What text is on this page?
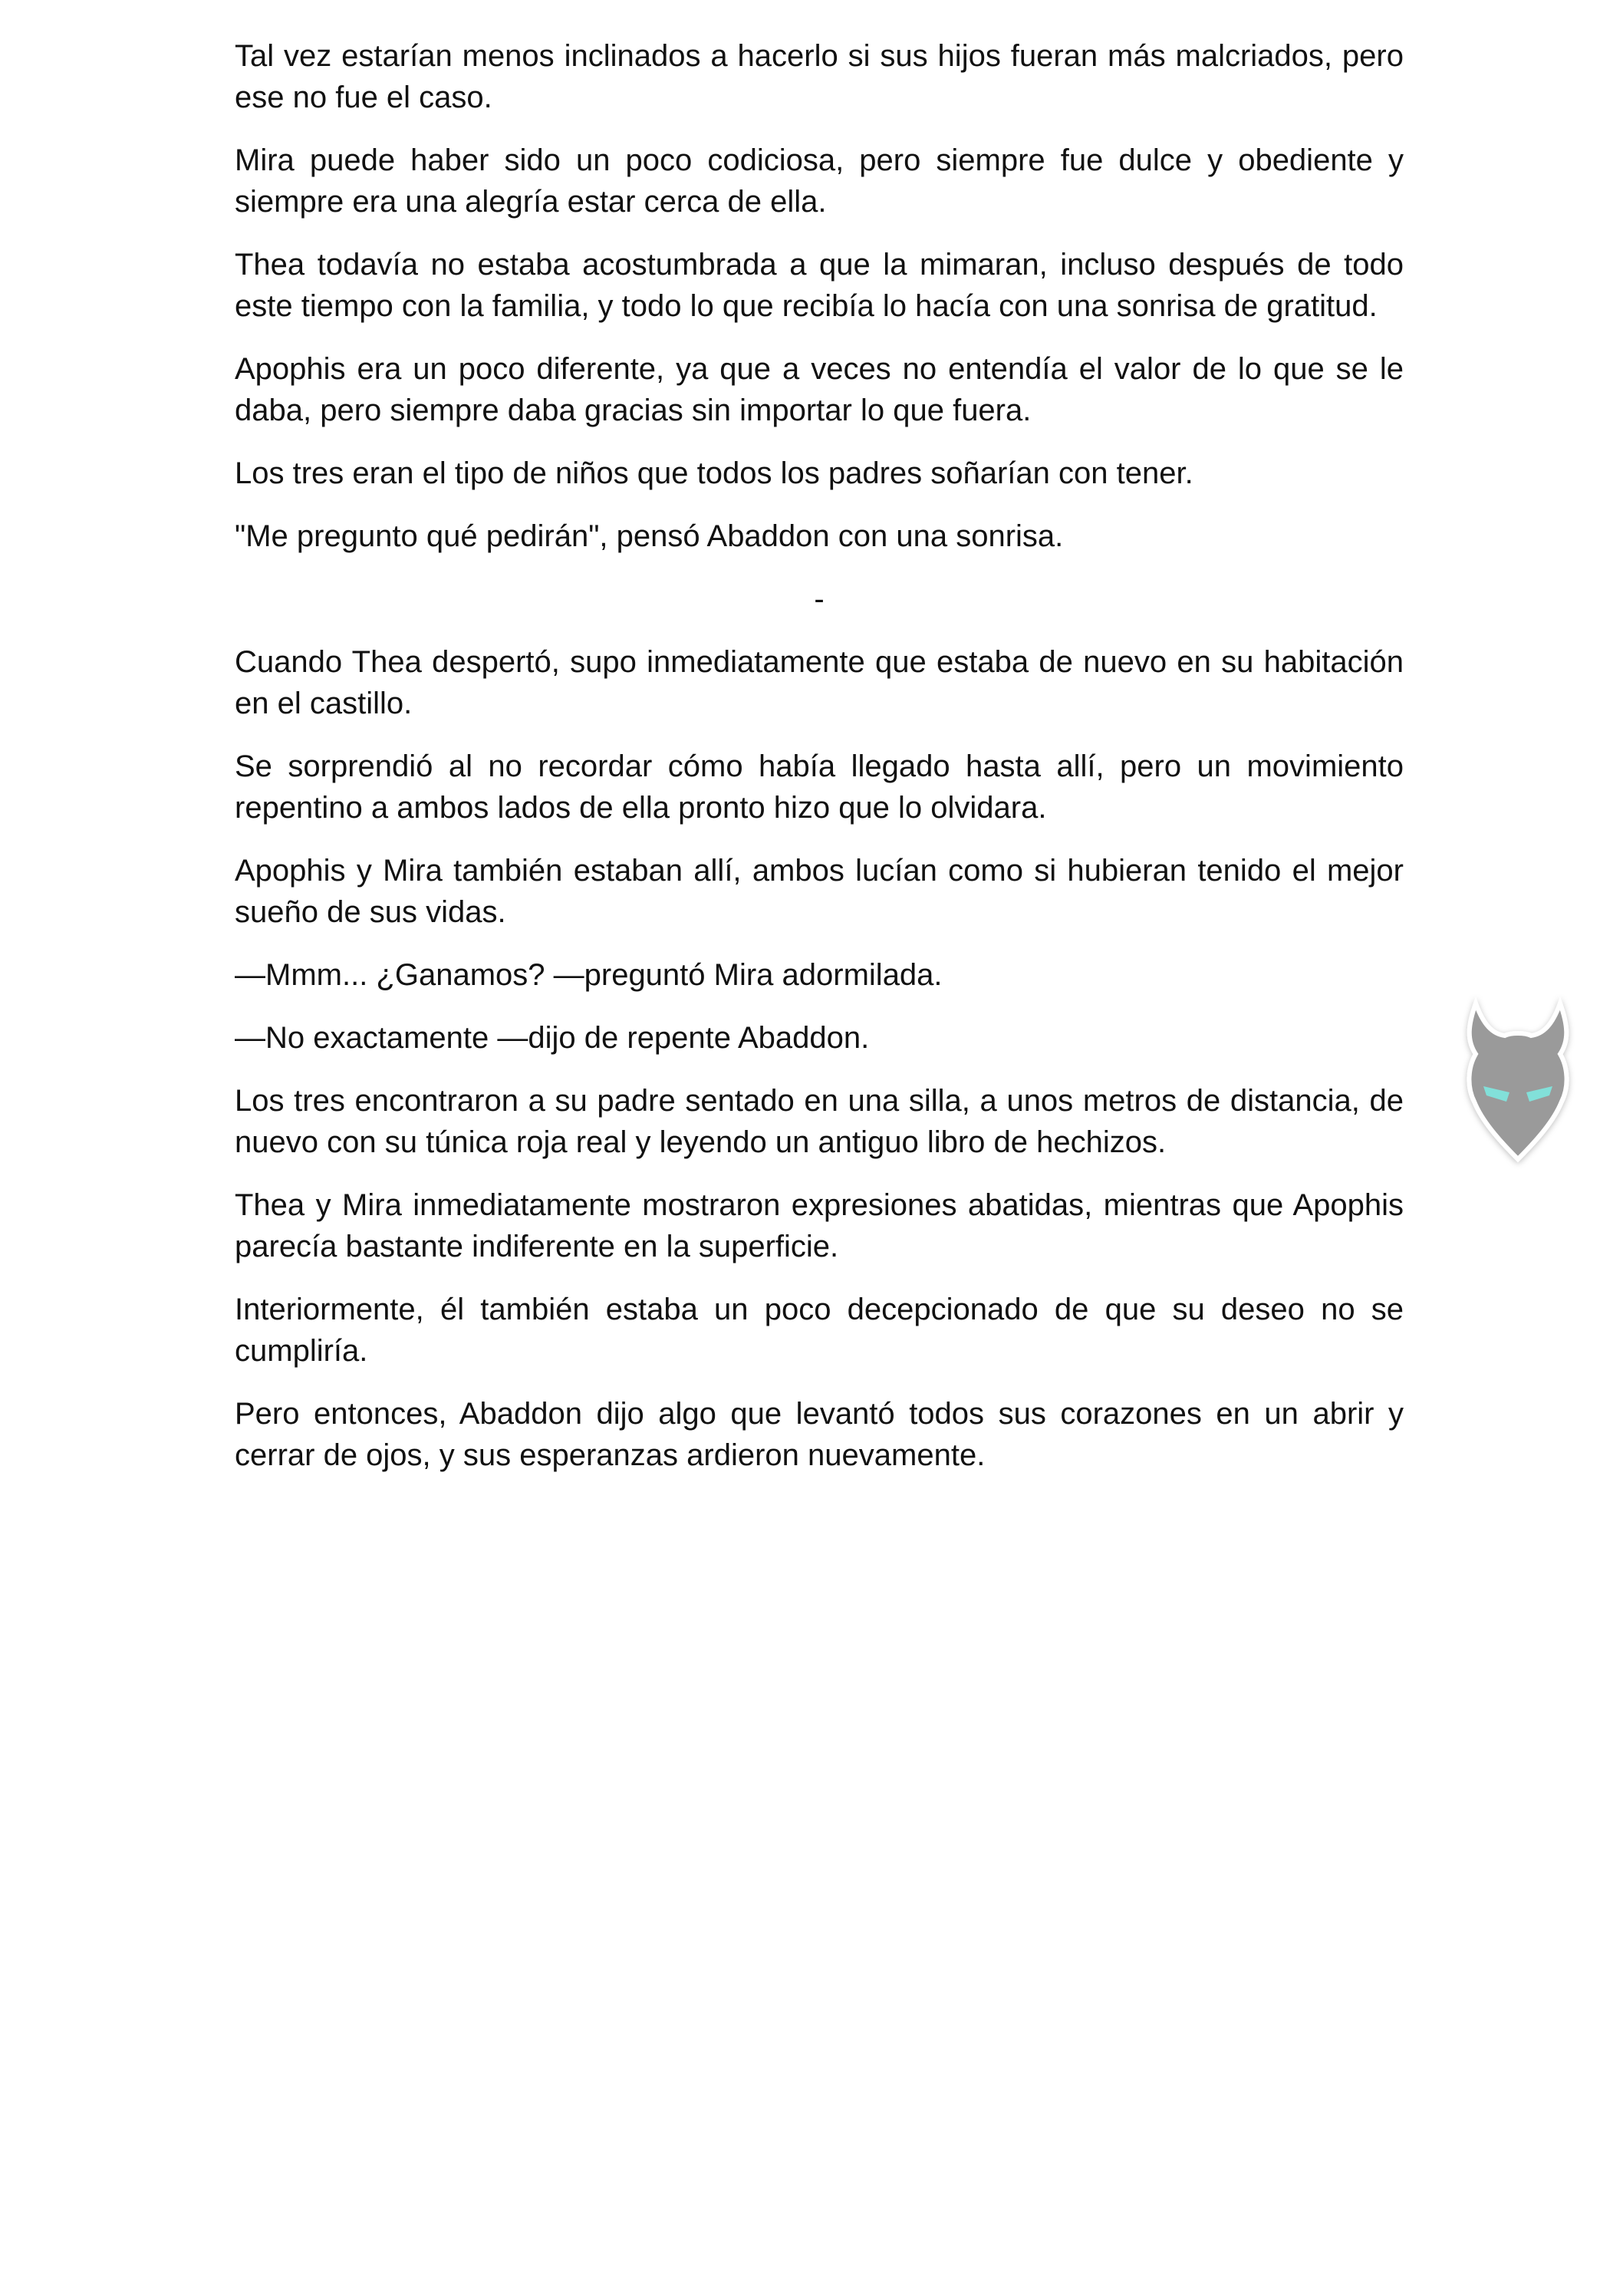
Tal vez estarían menos inclinados a hacerlo si sus hijos fueran más malcriados, pero ese no fue el caso.

Mira puede haber sido un poco codiciosa, pero siempre fue dulce y obediente y siempre era una alegría estar cerca de ella.

Thea todavía no estaba acostumbrada a que la mimaran, incluso después de todo este tiempo con la familia, y todo lo que recibía lo hacía con una sonrisa de gratitud.

Apophis era un poco diferente, ya que a veces no entendía el valor de lo que se le daba, pero siempre daba gracias sin importar lo que fuera.

Los tres eran el tipo de niños que todos los padres soñarían con tener.

"Me pregunto qué pedirán", pensó Abaddon con una sonrisa.

-

Cuando Thea despertó, supo inmediatamente que estaba de nuevo en su habitación en el castillo.

Se sorprendió al no recordar cómo había llegado hasta allí, pero un movimiento repentino a ambos lados de ella pronto hizo que lo olvidara.

Apophis y Mira también estaban allí, ambos lucían como si hubieran tenido el mejor sueño de sus vidas.

—Mmm... ¿Ganamos? —preguntó Mira adormilada.

—No exactamente —dijo de repente Abaddon.

Los tres encontraron a su padre sentado en una silla, a unos metros de distancia, de nuevo con su túnica roja real y leyendo un antiguo libro de hechizos.

Thea y Mira inmediatamente mostraron expresiones abatidas, mientras que Apophis parecía bastante indiferente en la superficie.

Interiormente, él también estaba un poco decepcionado de que su deseo no se cumpliría.

Pero entonces, Abaddon dijo algo que levantó todos sus corazones en un abrir y cerrar de ojos, y sus esperanzas ardieron nuevamente.
